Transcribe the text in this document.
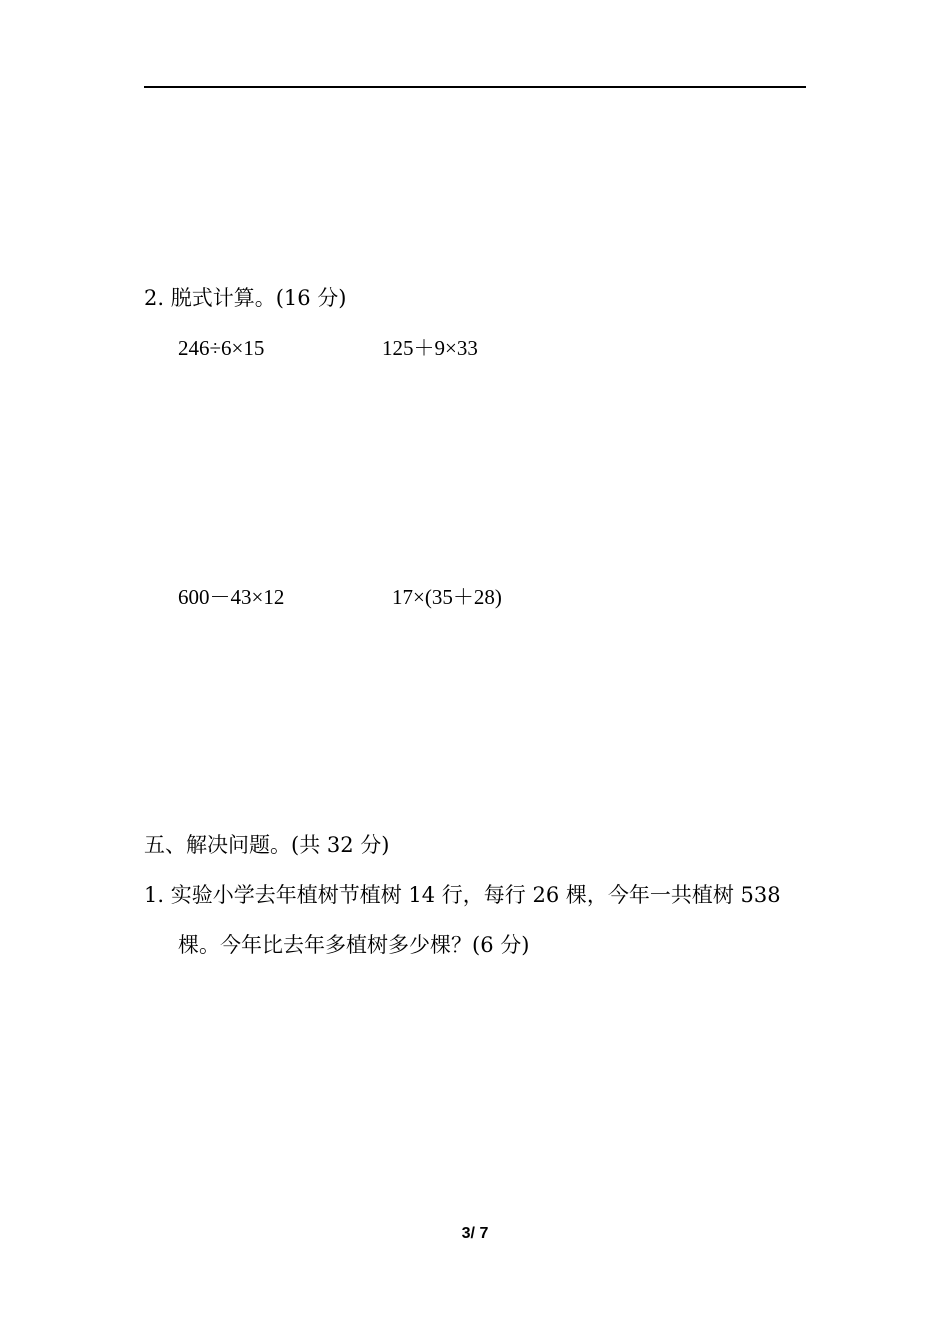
2. 脱式计算。(16 分)
246÷6×15	125＋9×33
600－43×12	17×(35＋28)
五、解决问题。(共 32 分)
1. 实验小学去年植树节植树 14 行，每行 26 棵，今年一共植树 538
棵。今年比去年多植树多少棵？(6 分)
3/ 7
